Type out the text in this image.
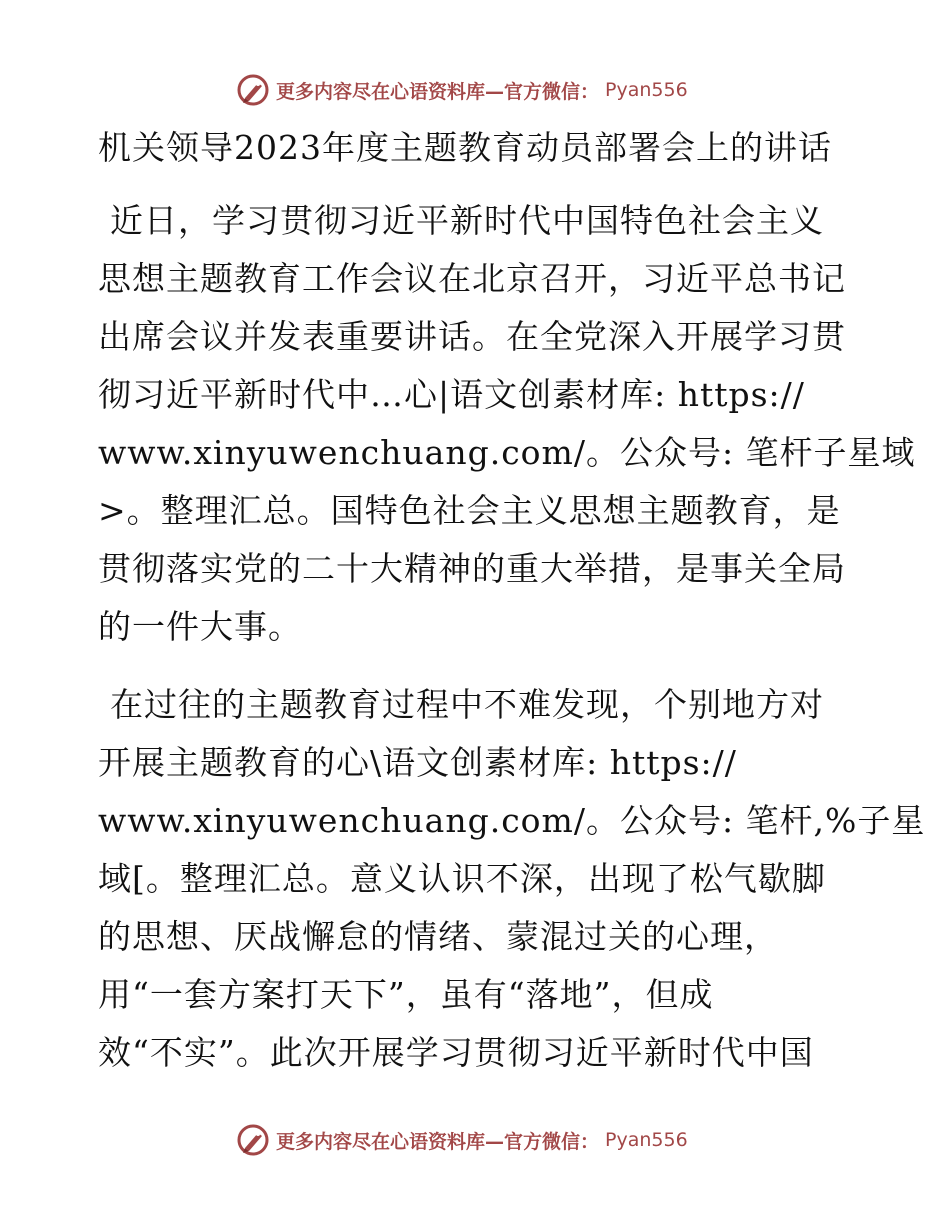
更多内容尽在心语资料库—官方微信： Pyan556
机关领导2023年度主题教育动员部署会上的讲话
近日，学习贯彻习近平新时代中国特色社会主义
思想主题教育工作会议在北京召开，习近平总书记
出席会议并发表重要讲话。在全党深入开展学习贯
彻习近平新时代中…心|语文创素材库: https://
www.xinyuwenchuang.com/。公众号: 笔杆子星域
>。整理汇总。国特色社会主义思想主题教育，是
贯彻落实党的二十大精神的重大举措，是事关全局
的一件大事。
在过往的主题教育过程中不难发现，个别地方对
开展主题教育的心\语文创素材库: https://
www.xinyuwenchuang.com/。公众号: 笔杆,%子星
域[。整理汇总。意义认识不深，出现了松气歇脚
的思想、厌战懈怠的情绪、蒙混过关的心理，
用“一套方案打天下”，虽有“落地”，但成
效“不实”。此次开展学习贯彻习近平新时代中国
更多内容尽在心语资料库—官方微信： Pyan556
